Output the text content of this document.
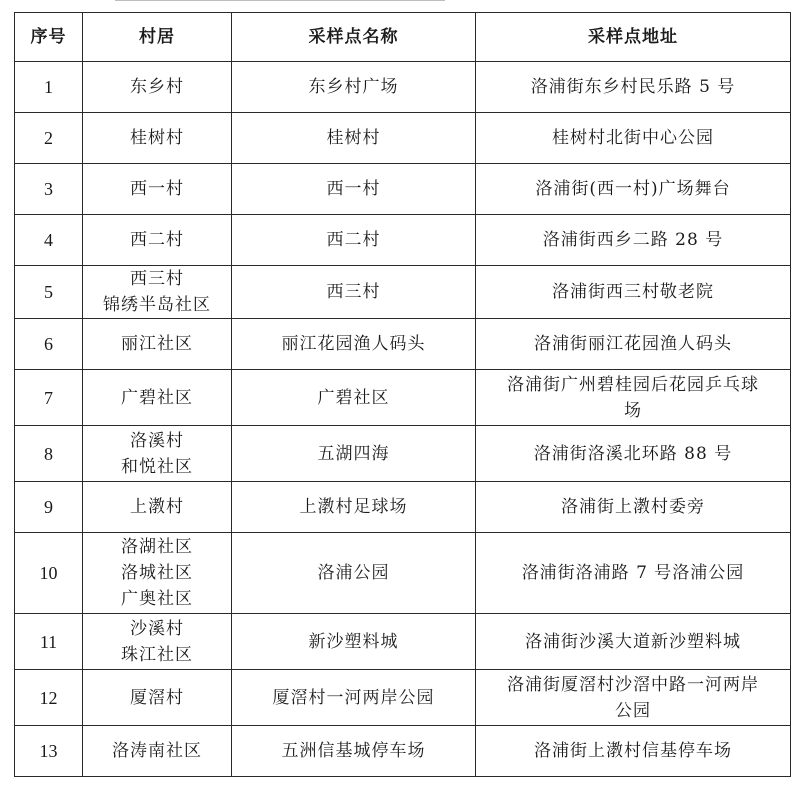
序号	村居	采样点名称	采样点地址
1	东乡村	东乡村广场	洛浦街东乡村民乐路 5 号

2	桂树村	桂树村	桂树村北街中心公园

3	西一村	西一村	洛浦街(西一村)广场舞台

4	西二村	西二村	洛浦街西乡二路 28 号

5	西三村
锦绣半岛社区	西三村	洛浦街西三村敬老院

6	丽江社区	丽江花园渔人码头	洛浦街丽江花园渔人码头

7	广碧社区	广碧社区	洛浦街广州碧桂园后花园乒乓球
场

8	洛溪村
和悦社区	五湖四海	洛浦街洛溪北环路 88 号

9	上漖村	上漖村足球场	洛浦街上漖村委旁

10	洛湖社区
洛城社区
广奥社区	洛浦公园	洛浦街洛浦路 7 号洛浦公园

11	沙溪村
珠江社区	新沙塑料城	洛浦街沙溪大道新沙塑料城

12	厦滘村	厦滘村一河两岸公园	洛浦街厦滘村沙滘中路一河两岸
公园

13	洛涛南社区	五洲信基城停车场	洛浦街上漖村信基停车场
